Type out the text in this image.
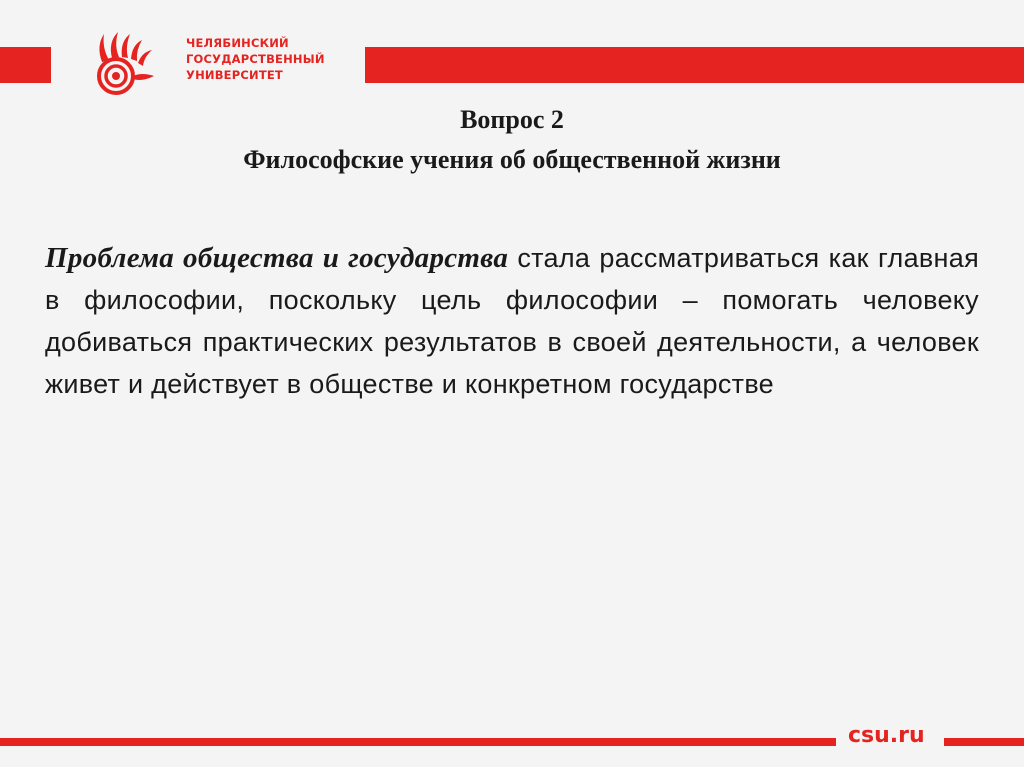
ЧЕЛЯБИНСКИЙ
ГОСУДАРСТВЕННЫЙ
УНИВЕРСИТЕТ
Вопрос 2
Философские учения об общественной жизни
Проблема общества и государства стала рассматриваться как главная в философии, поскольку цель философии – помогать человеку добиваться практических результатов в своей деятельности, а человек живет и действует в обществе и конкретном государстве
csu.ru
